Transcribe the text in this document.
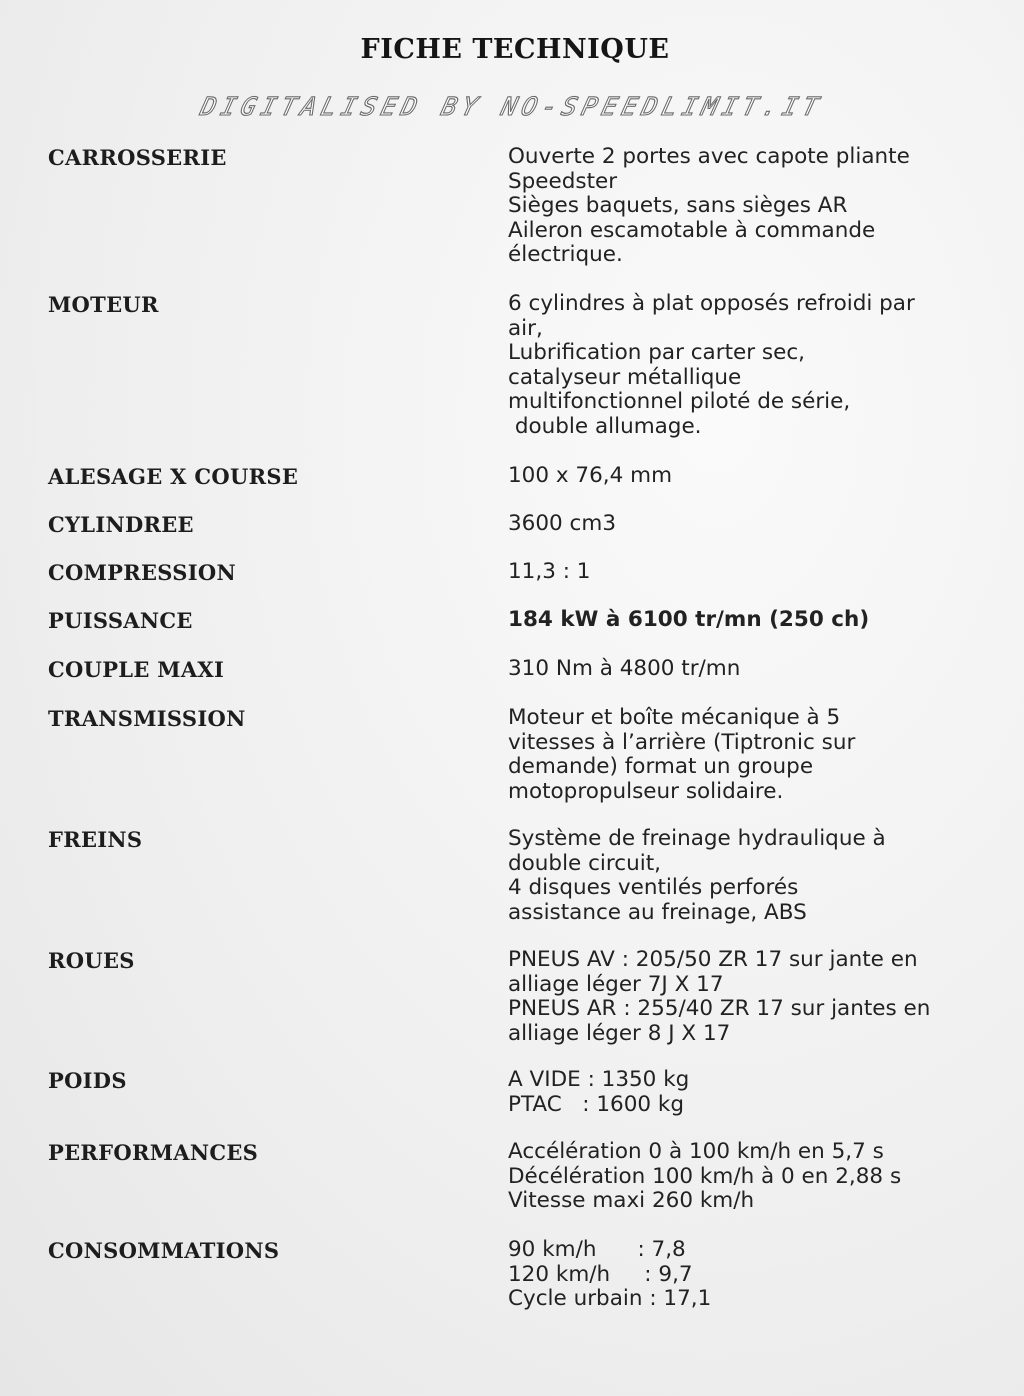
FICHE TECHNIQUE
DIGITALISED BY NO-SPEEDLIMIT.IT
CARROSSERIE	Ouverte 2 portes avec capote pliante
Speedster
Sièges baquets, sans sièges AR
Aileron escamotable à commande
électrique.
MOTEUR	6 cylindres à plat opposés refroidi par
air,
Lubrification par carter sec,
catalyseur métallique
multifonctionnel piloté de série,
double allumage.
ALESAGE X COURSE	100 x 76,4 mm
CYLINDREE	3600 cm3
COMPRESSION	11,3 : 1
PUISSANCE	184 kW à 6100 tr/mn (250 ch)
COUPLE MAXI	310 Nm à 4800 tr/mn
TRANSMISSION	Moteur et boîte mécanique à 5
vitesses à l’arrière (Tiptronic sur
demande) format un groupe
motopropulseur solidaire.
FREINS	Système de freinage hydraulique à
double circuit,
4 disques ventilés perforés
assistance au freinage, ABS
ROUES	PNEUS AV : 205/50 ZR 17 sur jante en
alliage léger 7J X 17
PNEUS AR : 255/40 ZR 17 sur jantes en
alliage léger 8 J X 17
POIDS	A VIDE : 1350 kg
PTAC   : 1600 kg
PERFORMANCES	Accélération 0 à 100 km/h en 5,7 s
Décélération 100 km/h à 0 en 2,88 s
Vitesse maxi 260 km/h
CONSOMMATIONS	90 km/h      : 7,8
120 km/h     : 9,7
Cycle urbain : 17,1
